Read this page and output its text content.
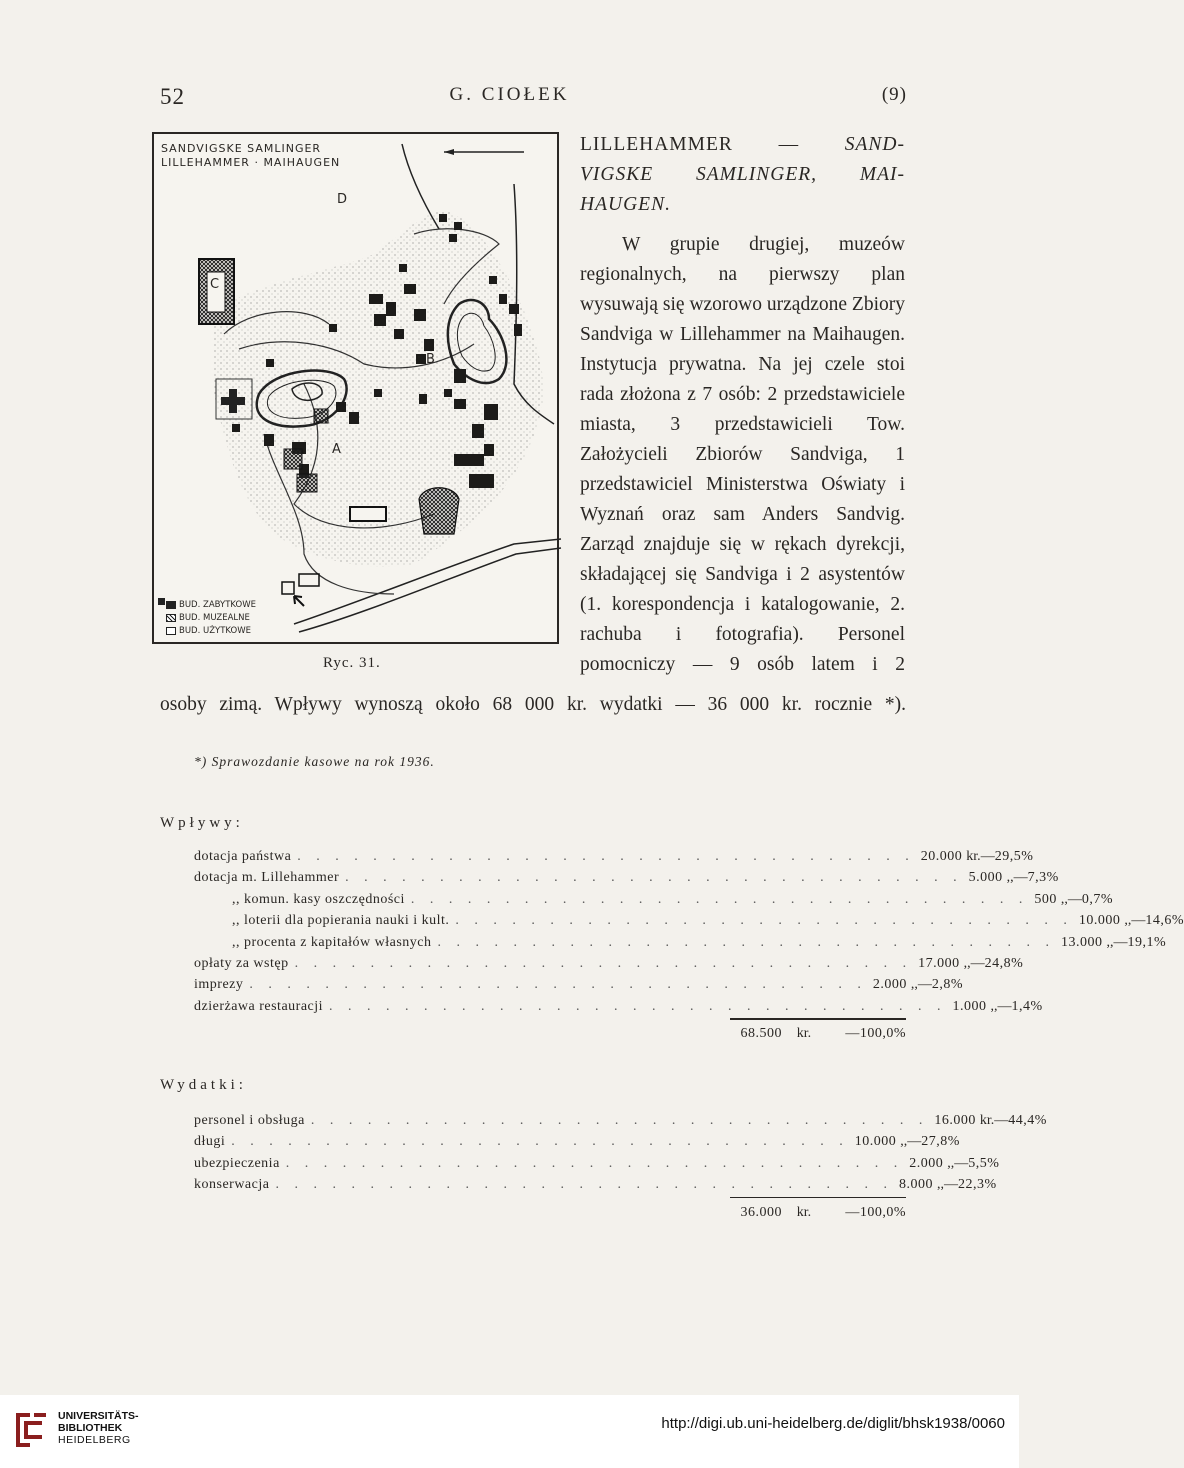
52	G. CIOŁEK	(9)
SANDVIGSKE SAMLINGER
LILLEHAMMER · MAIHAUGEN
D
C
B
A
BUD. ZABYTKOWE
BUD. MUZEALNE
BUD. UŻYTKOWE
Ryc. 31.
LILLEHAMMER — SAND-
VIGSKE SAMLINGER, MAI-
HAUGEN.

W grupie drugiej, muzeów regionalnych, na pierwszy plan wysuwają się wzorowo urządzone Zbiory Sandviga w Lillehammer na Maihaugen. Instytucja prywatna. Na jej czele stoi rada złożona z 7 osób: 2 przedstawiciele miasta, 3 przedstawicieli Tow. Założycieli Zbiorów Sandviga, 1 przedstawiciel Ministerstwa Oświaty i Wyznań oraz sam Anders Sandvig. Zarząd znajduje się w rękach dyrekcji, składającej się Sandviga i 2 asystentów (1. korespondencja i katalogowanie, 2. rachuba i fotografia). Personel pomocniczy — 9 osób latem i 2

osoby zimą. Wpływy wynoszą około 68 000 kr. wydatki — 36 000 kr. rocznie *).
*) Sprawozdanie kasowe na rok 1936.
Wpływy:
dotacja państwa . . . . . . . . . . . . . . . . . . . . . . . . . . . . . . . . . 20.000 kr. — 29,5%
dotacja m. Lillehammer . . . . . . . . . . . . . . . . . . . . . . . . . . . . . . . . . 5.000 ,, — 7,3%
,, komun. kasy oszczędności . . . . . . . . . . . . . . . . . . . . . . . . . . . . . . . . . 500 ,, — 0,7%
,, loterii dla popierania nauki i kult. . . . . . . . . . . . . . . . . . . . . . . . . . . . . . . . . . 10.000 ,, — 14,6%
,, procenta z kapitałów własnych . . . . . . . . . . . . . . . . . . . . . . . . . . . . . . . . . 13.000 ,, — 19,1%
opłaty za wstęp . . . . . . . . . . . . . . . . . . . . . . . . . . . . . . . . . 17.000 ,, — 24,8%
imprezy . . . . . . . . . . . . . . . . . . . . . . . . . . . . . . . . . 2.000 ,, — 2,8%
dzierżawa restauracji . . . . . . . . . . . . . . . . . . . . . . . . . . . . . . . . . 1.000 ,, — 1,4%
68.500	kr.	—100,0%
Wydatki:
personel i obsługa . . . . . . . . . . . . . . . . . . . . . . . . . . . . . . . . . 16.000 kr. — 44,4%
długi . . . . . . . . . . . . . . . . . . . . . . . . . . . . . . . . . 10.000 ,, — 27,8%
ubezpieczenia . . . . . . . . . . . . . . . . . . . . . . . . . . . . . . . . . 2.000 ,, — 5,5%
konserwacja . . . . . . . . . . . . . . . . . . . . . . . . . . . . . . . . . 8.000 ,, — 22,3%
36.000	kr.	—100,0%
UNIVERSITÄTS-
BIBLIOTHEK
HEIDELBERG
http://digi.ub.uni-heidelberg.de/diglit/bhsk1938/0060
